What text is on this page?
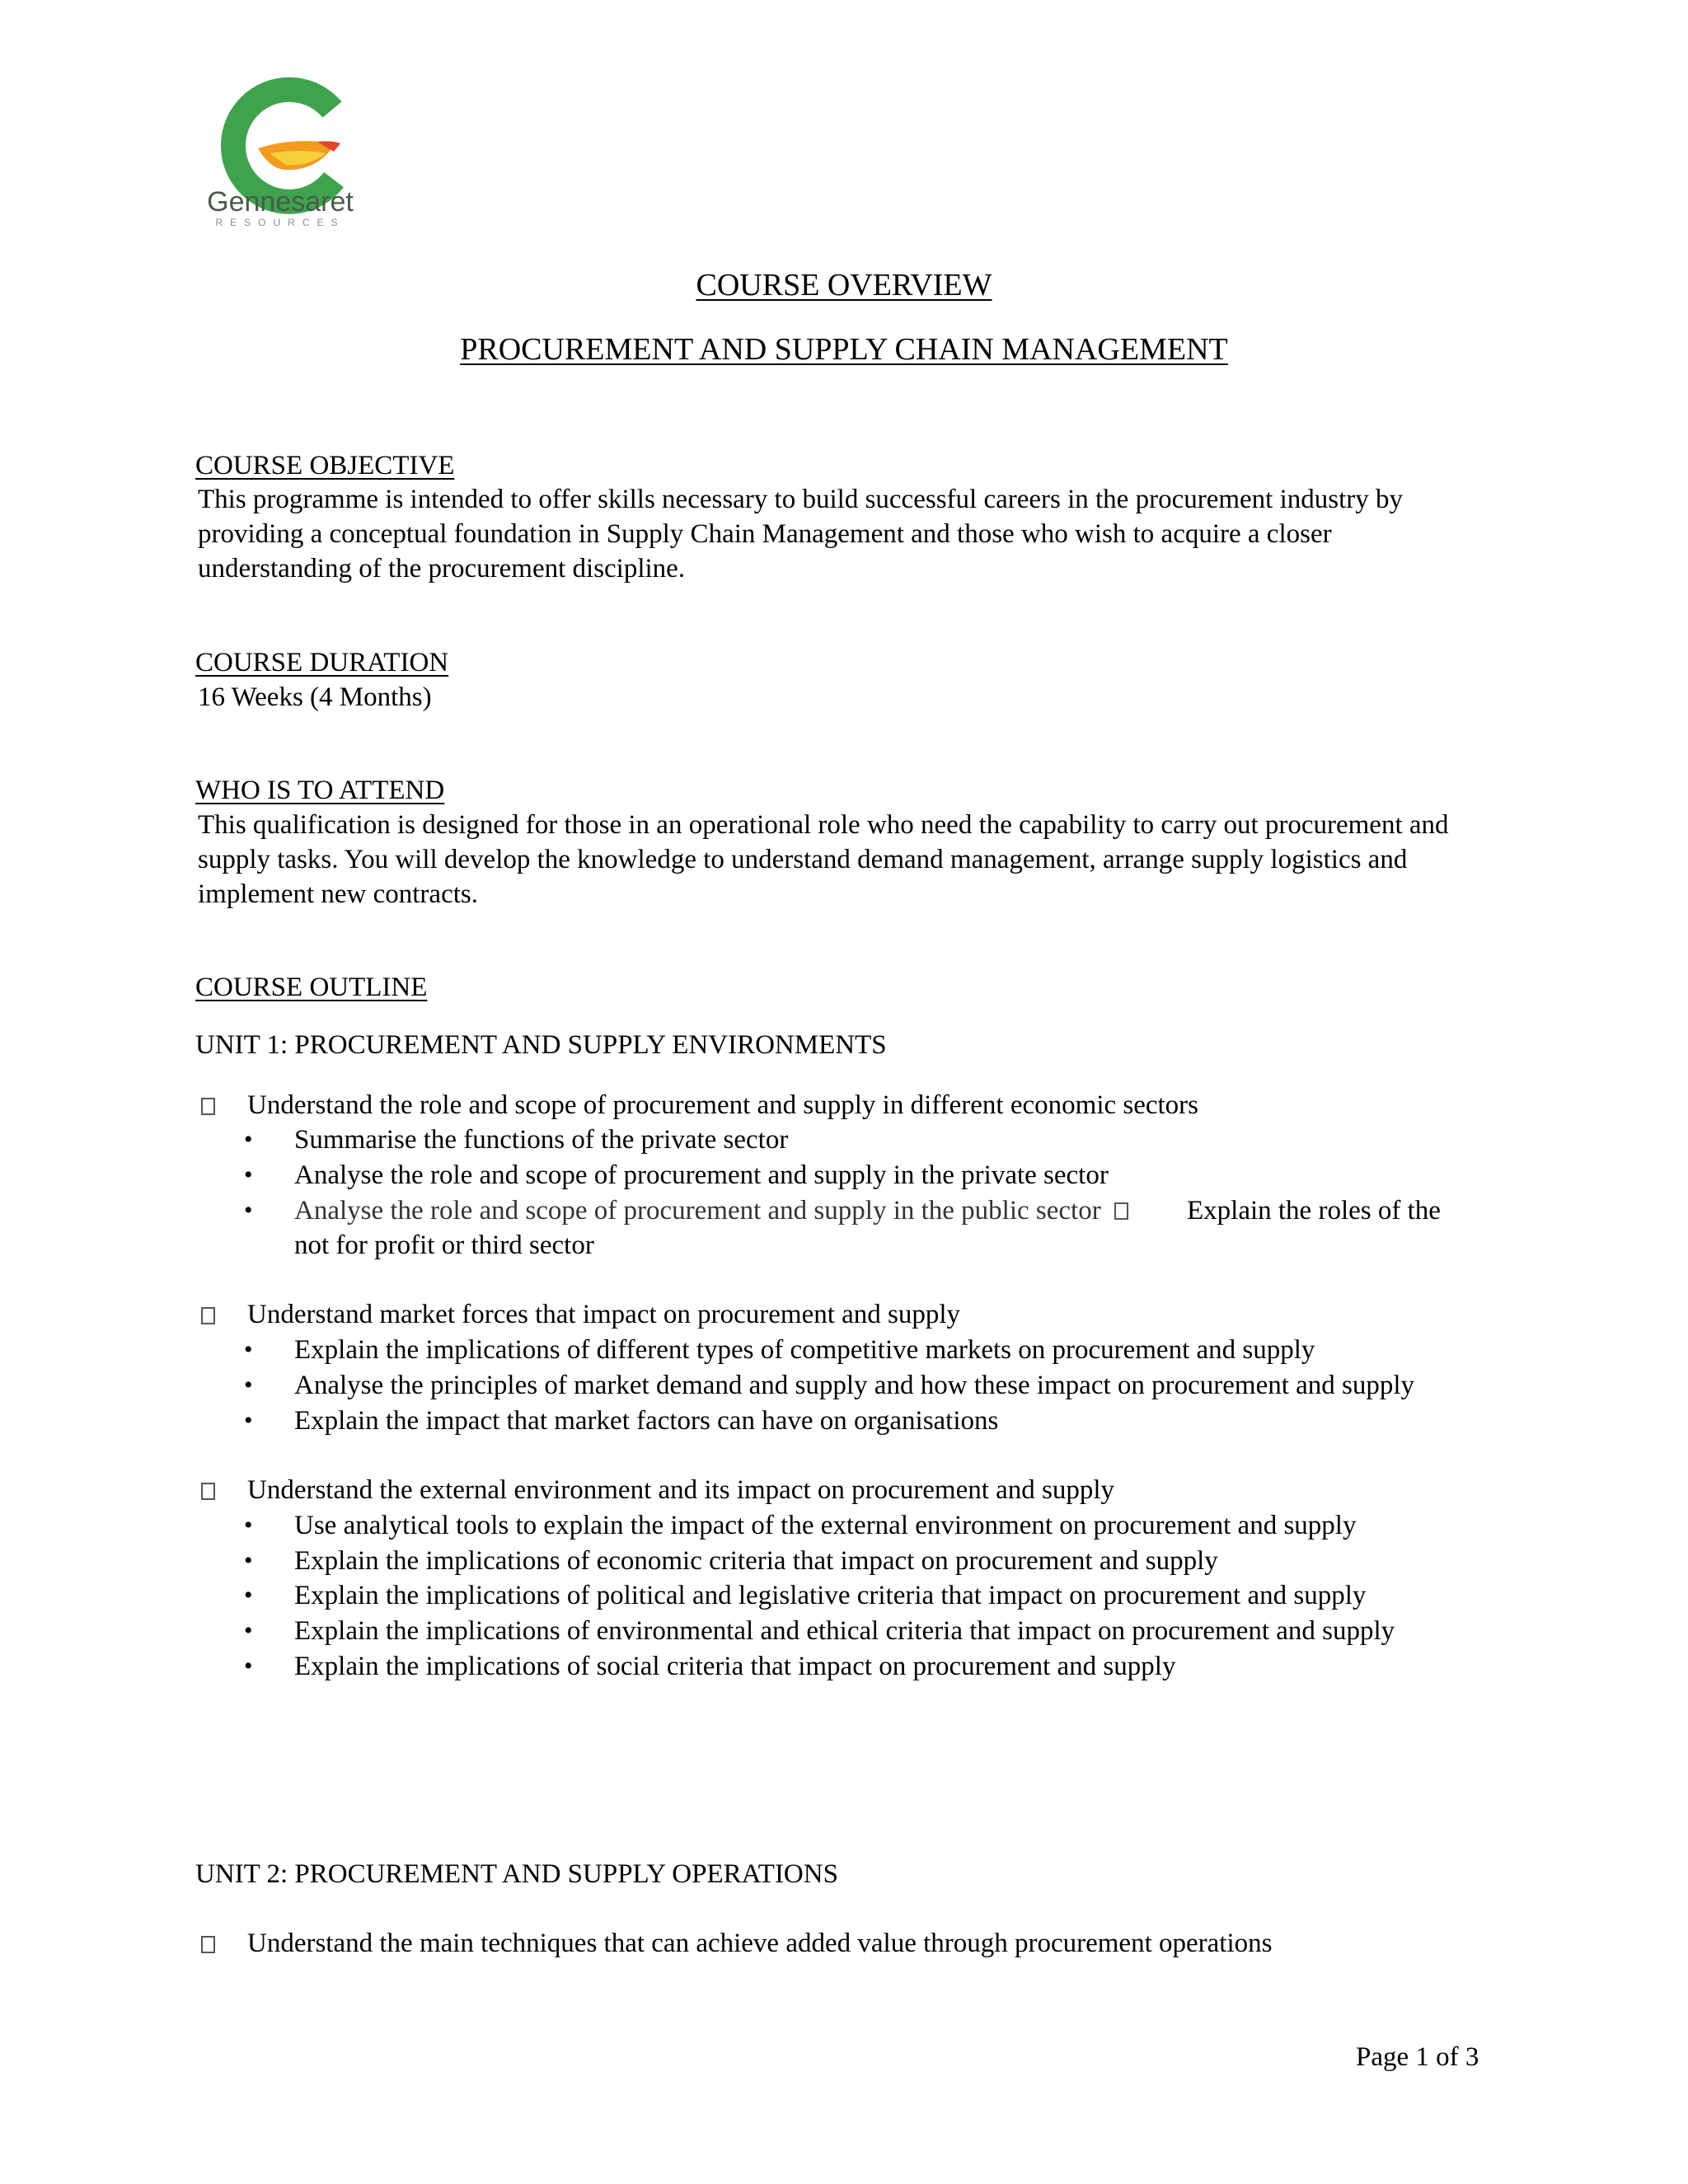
Gennesaret
RESOURCES
COURSE OVERVIEW
PROCUREMENT AND SUPPLY CHAIN MANAGEMENT
COURSE OBJECTIVE
This programme is intended to offer skills necessary to build successful careers in the procurement industry by
providing a conceptual foundation in Supply Chain Management and those who wish to acquire a closer
understanding of the procurement discipline.
COURSE DURATION
16 Weeks (4 Months)
WHO IS TO ATTEND
This qualification is designed for those in an operational role who need the capability to carry out procurement and
supply tasks. You will develop the knowledge to understand demand management, arrange supply logistics and
implement new contracts.
COURSE OUTLINE
UNIT 1: PROCUREMENT AND SUPPLY ENVIRONMENTS
Understand the role and scope of procurement and supply in different economic sectors
• Summarise the functions of the private sector
• Analyse the role and scope of procurement and supply in the private sector
• Analyse the role and scope of procurement and supply in the public sector	Explain the roles of the
not for profit or third sector
Understand market forces that impact on procurement and supply
• Explain the implications of different types of competitive markets on procurement and supply
• Analyse the principles of market demand and supply and how these impact on procurement and supply
• Explain the impact that market factors can have on organisations
Understand the external environment and its impact on procurement and supply
• Use analytical tools to explain the impact of the external environment on procurement and supply
• Explain the implications of economic criteria that impact on procurement and supply
• Explain the implications of political and legislative criteria that impact on procurement and supply
• Explain the implications of environmental and ethical criteria that impact on procurement and supply
• Explain the implications of social criteria that impact on procurement and supply
UNIT 2: PROCUREMENT AND SUPPLY OPERATIONS
Understand the main techniques that can achieve added value through procurement operations
Page 1 of 3
